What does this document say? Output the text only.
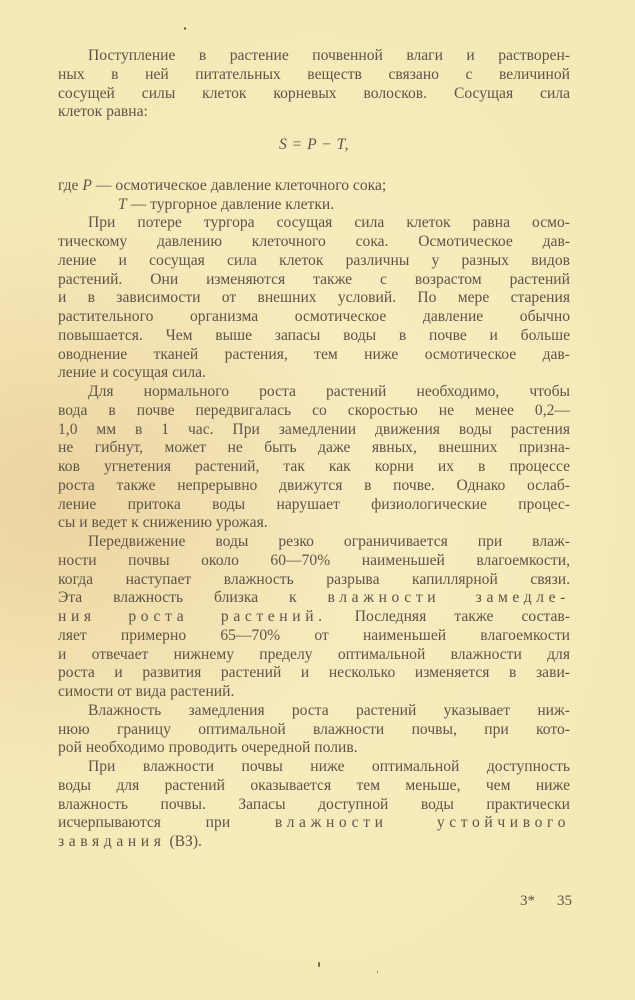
Поступление в растение почвенной влаги и растворен-
ных в ней питательных веществ связано с величиной
сосущей силы клеток корневых волосков. Сосущая сила
клеток равна:
S = P − T,
где P — осмотическое давление клеточного сока;
T — тургорное давление клетки.
При потере тургора сосущая сила клеток равна осмо-
тическому давлению клеточного сока. Осмотическое дав-
ление и сосущая сила клеток различны у разных видов
растений. Они изменяются также с возрастом растений
и в зависимости от внешних условий. По мере старения
растительного организма осмотическое давление обычно
повышается. Чем выше запасы воды в почве и больше
оводнение тканей растения, тем ниже осмотическое дав-
ление и сосущая сила.
Для нормального роста растений необходимо, чтобы
вода в почве передвигалась со скоростью не менее 0,2—
1,0 мм в 1 час. При замедлении движения воды растения
не гибнут, может не быть даже явных, внешних призна-
ков угнетения растений, так как корни их в процессе
роста также непрерывно движутся в почве. Однако ослаб-
ление притока воды нарушает физиологические процес-
сы и ведет к снижению урожая.
Передвижение воды резко ограничивается при влаж-
ности почвы около 60—70% наименьшей влагоемкости,
когда наступает влажность разрыва капиллярной связи.
Эта влажность близка к влажности замедле-
ния роста растений. Последняя также состав-
ляет примерно 65—70% от наименьшей влагоемкости
и отвечает нижнему пределу оптимальной влажности для
роста и развития растений и несколько изменяется в зави-
симости от вида растений.
Влажность замедления роста растений указывает ниж-
нюю границу оптимальной влажности почвы, при кото-
рой необходимо проводить очередной полив.
При влажности почвы ниже оптимальной доступность
воды для растений оказывается тем меньше, чем ниже
влажность почвы. Запасы доступной воды практически
исчерпываются при	влажности устойчивого
завядания (ВЗ).
3* 35
